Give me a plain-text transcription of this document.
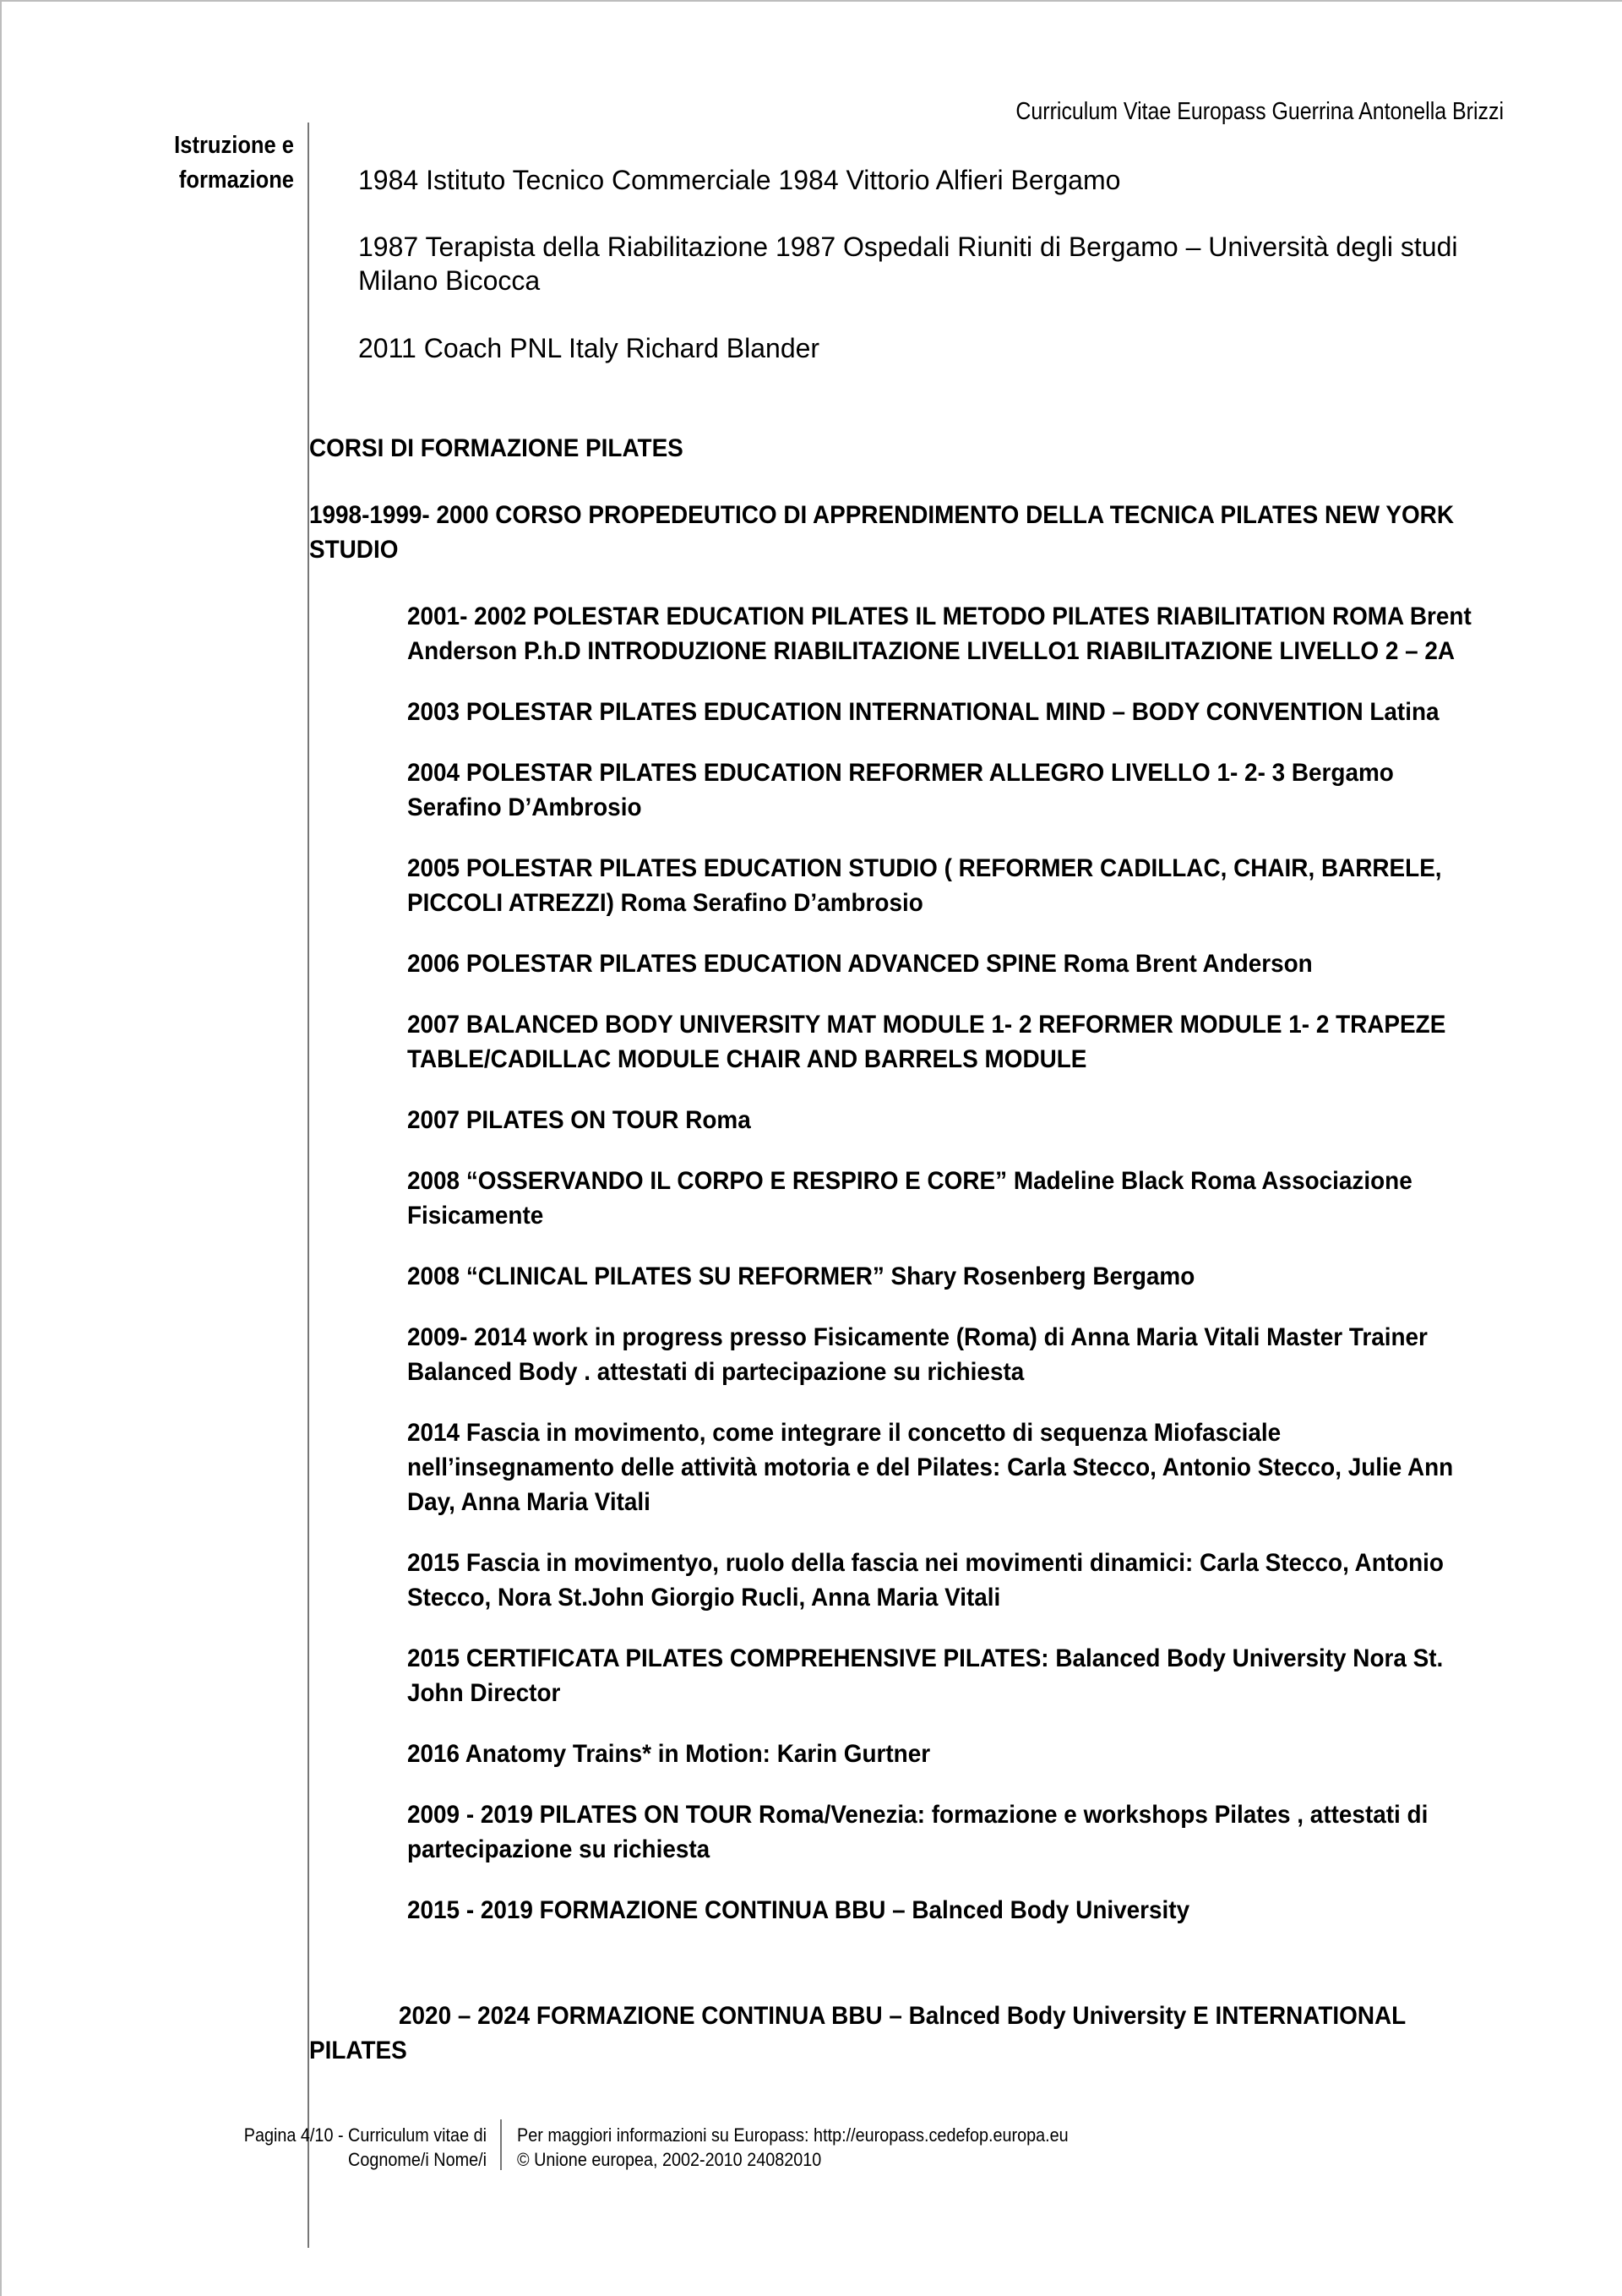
Curriculum Vitae Europass Guerrina Antonella Brizzi
Istruzione e
formazione 1984 Istituto Tecnico Commerciale 1984 Vittorio Alfieri Bergamo
1987 Terapista della Riabilitazione 1987 Ospedali Riuniti di Bergamo – Università degli studi Milano Bicocca
2011 Coach PNL Italy Richard Blander
CORSI DI FORMAZIONE PILATES
1998-1999- 2000 CORSO PROPEDEUTICO DI APPRENDIMENTO DELLA TECNICA PILATES NEW YORK STUDIO
2001- 2002 POLESTAR EDUCATION PILATES IL METODO PILATES RIABILITATION ROMA Brent Anderson P.h.D INTRODUZIONE RIABILITAZIONE LIVELLO1 RIABILITAZIONE LIVELLO 2 – 2A
2003 POLESTAR PILATES EDUCATION INTERNATIONAL MIND – BODY CONVENTION Latina
2004 POLESTAR PILATES EDUCATION REFORMER ALLEGRO LIVELLO 1- 2- 3 Bergamo Serafino D’Ambrosio
2005 POLESTAR PILATES EDUCATION STUDIO ( REFORMER CADILLAC, CHAIR, BARRELE, PICCOLI ATREZZI) Roma Serafino D’ambrosio
2006 POLESTAR PILATES EDUCATION ADVANCED SPINE Roma Brent Anderson
2007 BALANCED BODY UNIVERSITY MAT MODULE 1- 2 REFORMER MODULE 1- 2 TRAPEZE TABLE/CADILLAC MODULE CHAIR AND BARRELS MODULE
2007 PILATES ON TOUR Roma
2008 “OSSERVANDO IL CORPO E RESPIRO E CORE” Madeline Black Roma Associazione Fisicamente
2008 “CLINICAL PILATES SU REFORMER” Shary Rosenberg Bergamo
2009- 2014 work in progress presso Fisicamente (Roma) di Anna Maria Vitali Master Trainer Balanced Body . attestati di partecipazione su richiesta
2014 Fascia in movimento, come integrare il concetto di sequenza Miofasciale nell’insegnamento delle attività motoria e del Pilates: Carla Stecco, Antonio Stecco, Julie Ann Day, Anna Maria Vitali
2015 Fascia in movimentyo, ruolo della fascia nei movimenti dinamici: Carla Stecco, Antonio Stecco, Nora St.John Giorgio Rucli, Anna Maria Vitali
2015 CERTIFICATA PILATES COMPREHENSIVE PILATES: Balanced Body University Nora St. John Director
2016 Anatomy Trains* in Motion: Karin Gurtner
2009 - 2019 PILATES ON TOUR Roma/Venezia: formazione e workshops Pilates , attestati di partecipazione su richiesta
2015 - 2019 FORMAZIONE CONTINUA BBU – Balnced Body University
2020 – 2024 FORMAZIONE CONTINUA BBU – Balnced Body University E INTERNATIONAL PILATES
Pagina 4/10 - Curriculum vitae di
Cognome/i Nome/i
Per maggiori informazioni su Europass: http://europass.cedefop.europa.eu
© Unione europea, 2002-2010 24082010
